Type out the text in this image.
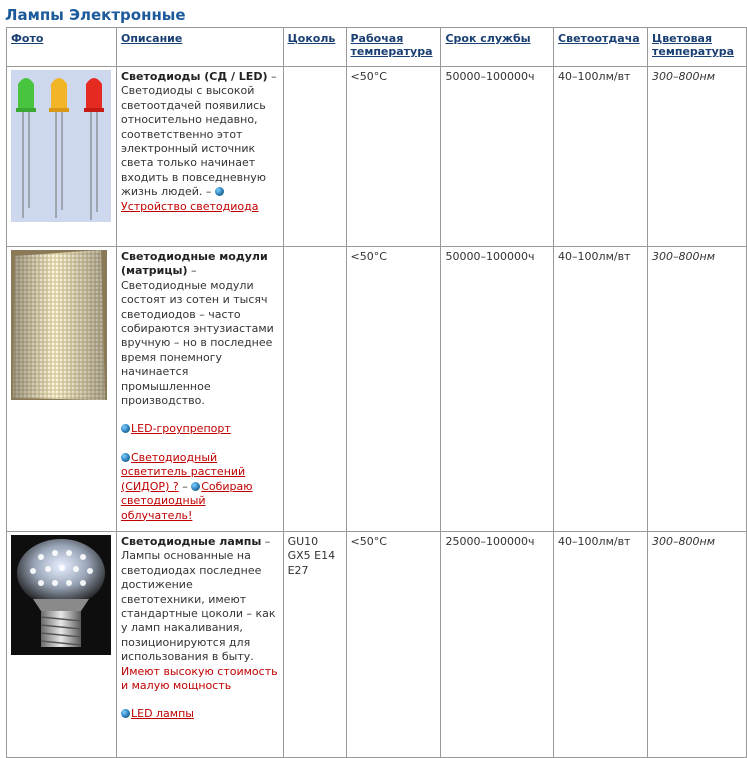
Лампы Электронные
Фото	Описание	Цоколь	Рабочая температура	Срок службы	Светоотдача	Цветовая температура

	Светодиоды (СД / LED) – Светодиоды с высокой светоотдачей появились относительно недавно, соответственно этот электронный источник света только начинает входить в повседневную жизнь людей. – Устройство светодиода		<50°С	50000–100000ч	40–100лм/вт	300–800нм

	Светодиодные модули (матрицы) – Светодиодные модули состоят из сотен и тысяч светодиодов – часто собираются энтузиастами вручную – но в последнее время понемногу начинается промышленное производство.
LED-гроупрепорт
Светодиодный осветитель растений (СИДОР) ? – Собираю светодиодный облучатель!		<50°С	50000–100000ч	40–100лм/вт	300–800нм

	Светодиодные лампы – Лампы основанные на светодиодах последнее достижение светотехники, имеют стандартные цоколи – как у ламп накаливания, позиционируются для использования в быту. Имеют высокую стоимость и малую мощность
LED лампы	GU10 GX5 E14 E27	<50°С	25000–100000ч	40–100лм/вт	300–800нм
